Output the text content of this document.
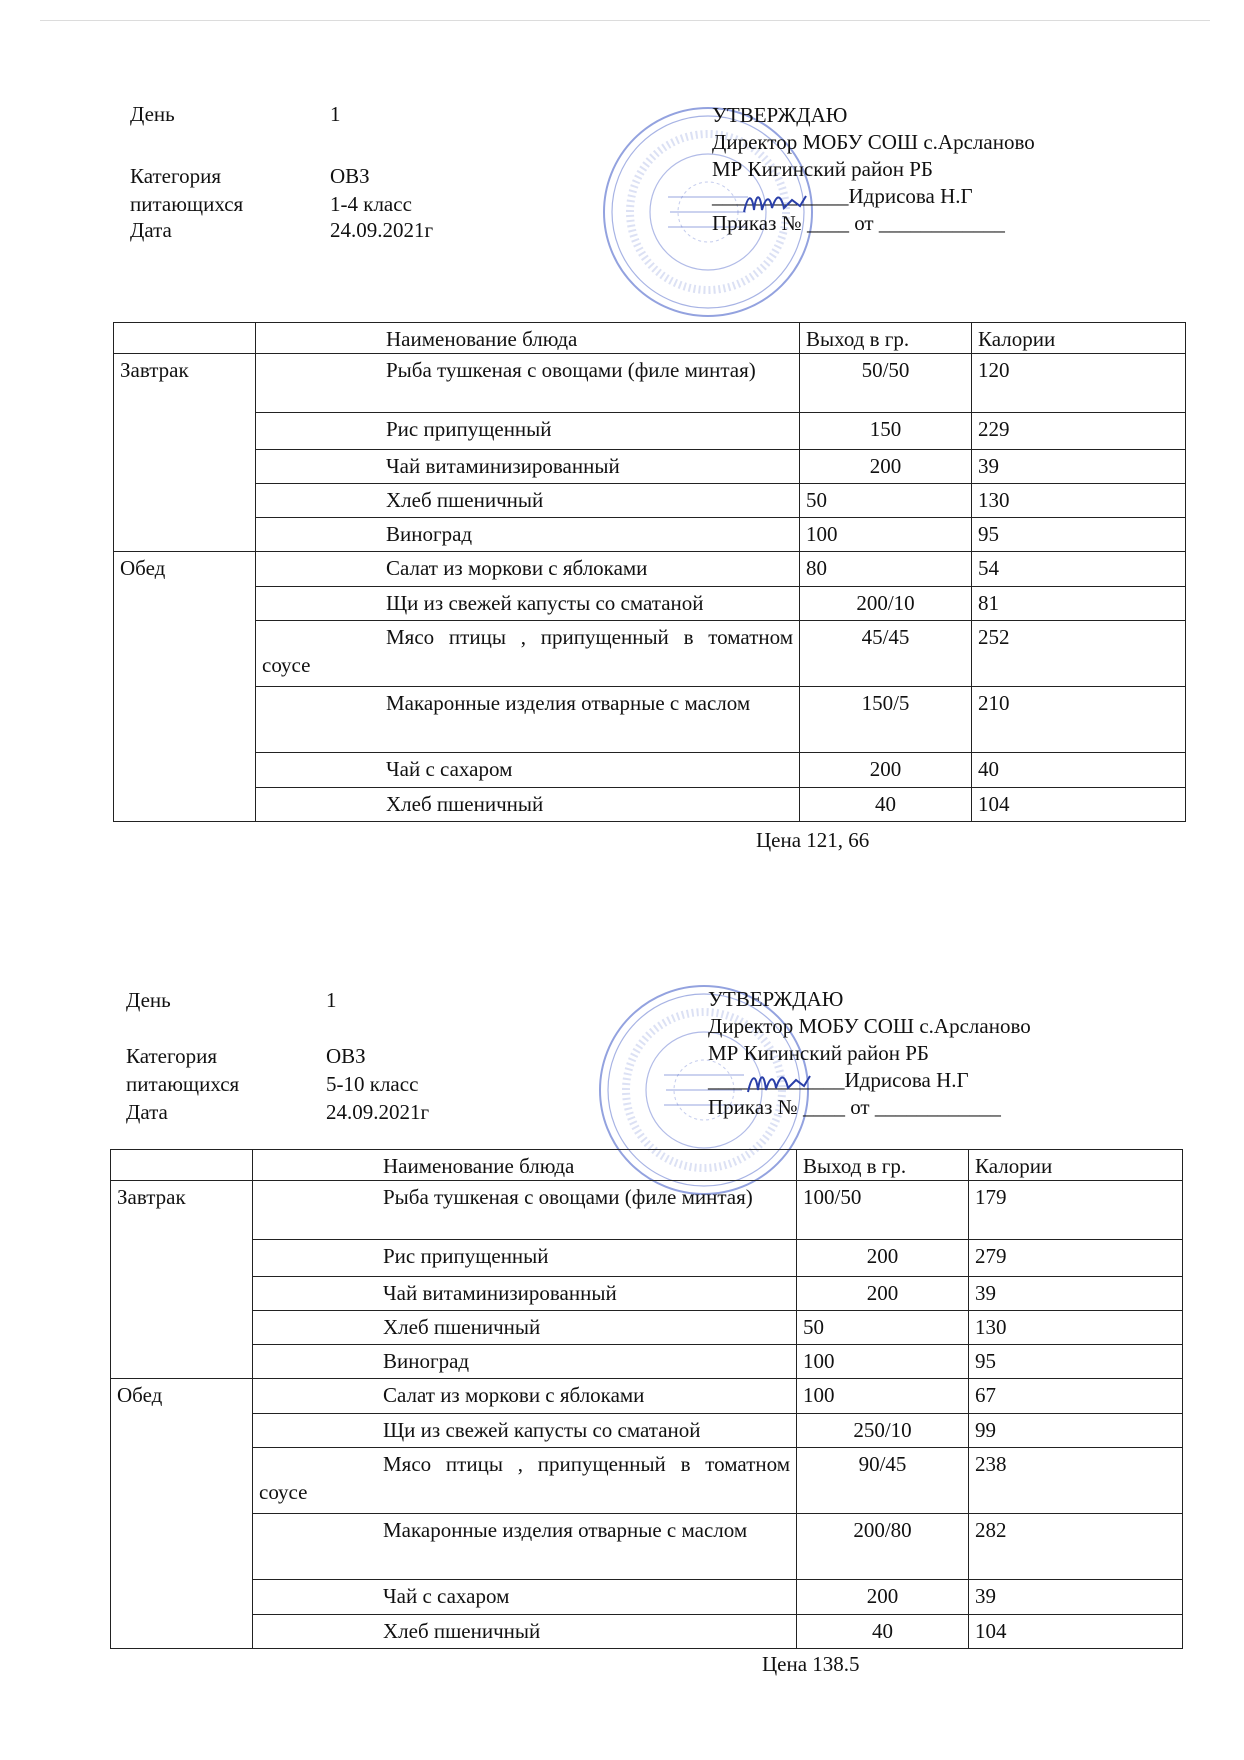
День	1
Категория
питающихся
ОВЗ
1-4 класс
Дата	24.09.2021г
УТВЕРЖДАЮ
Директор МОБУ СОШ с.Арсланово
МР Кигинский район РБ
_____________Идрисова Н.Г
Приказ № ____ от ____________
	Наименование блюда	Выход в гр.	Калории
Завтрак	Рыба тушкеная с овощами (филе минтая)	50/50	120
	Рис припущенный	150	229
	Чай витаминизированный	200	39
	Хлеб пшеничный	50	130
	Виноград	100	95
Обед	Салат из моркови с яблоками	80	54
	Щи из свежей капусты со сматаной	200/10	81
	Мясо птицы , припущенный в томатном соусе	45/45	252
	Макаронные изделия отварные с маслом	150/5	210
	Чай с сахаром	200	40
	Хлеб пшеничный	40	104
Цена 121, 66
День	1
Категория
питающихся
ОВЗ
5-10 класс
Дата	24.09.2021г
УТВЕРЖДАЮ
Директор МОБУ СОШ с.Арсланово
МР Кигинский район РБ
_____________Идрисова Н.Г
Приказ № ____ от ____________
	Наименование блюда	Выход в гр.	Калории
Завтрак	Рыба тушкеная с овощами (филе минтая)	100/50	179
	Рис припущенный	200	279
	Чай витаминизированный	200	39
	Хлеб пшеничный	50	130
	Виноград	100	95
Обед	Салат из моркови с яблоками	100	67
	Щи из свежей капусты со сматаной	250/10	99
	Мясо птицы , припущенный в томатном соусе	90/45	238
	Макаронные изделия отварные с маслом	200/80	282
	Чай с сахаром	200	39
	Хлеб пшеничный	40	104
Цена 138.5
